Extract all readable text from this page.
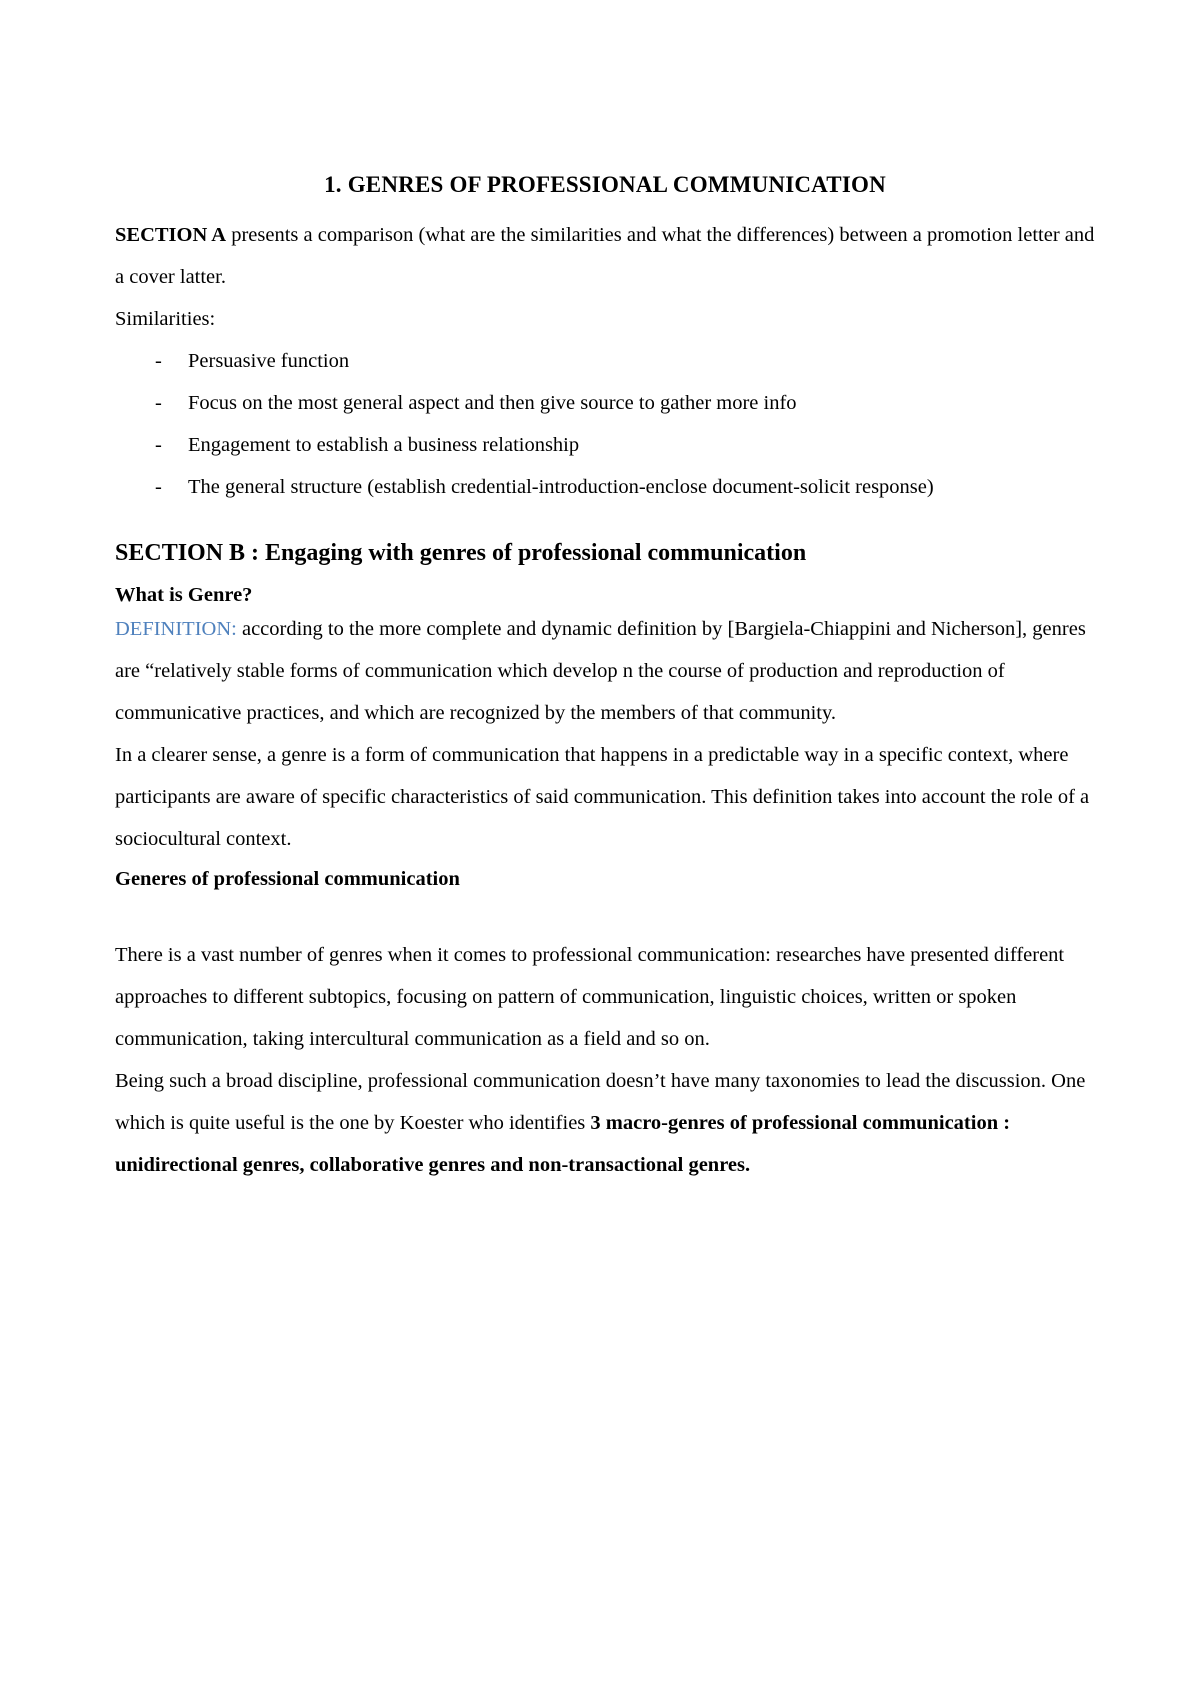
1. GENRES OF PROFESSIONAL COMMUNICATION

SECTION A presents a comparison (what are the similarities and what the differences) between a promotion letter and a cover latter.

Similarities:

- Persuasive function
- Focus on the most general aspect and then give source to gather more info
- Engagement to establish a business relationship
- The general structure (establish credential-introduction-enclose document-solicit response)
SECTION B : Engaging with genres of professional communication

What is Genre?

DEFINITION: according to the more complete and dynamic definition by [Bargiela-Chiappini and Nicherson], genres are “relatively stable forms of communication which develop n the course of production and reproduction of communicative practices, and which are recognized by the members of that community.

In a clearer sense, a genre is a form of communication that happens in a predictable way in a specific context, where participants are aware of specific characteristics of said communication. This definition takes into account the role of a sociocultural context.

Generes of professional communication

There is a vast number of genres when it comes to professional communication: researches have presented different approaches to different subtopics, focusing on pattern of communication, linguistic choices, written or spoken communication, taking intercultural communication as a field and so on.

Being such a broad discipline, professional communication doesn’t have many taxonomies to lead the discussion. One which is quite useful is the one by Koester who identifies 3 macro-genres of professional communication : unidirectional genres, collaborative genres and non-transactional genres.
